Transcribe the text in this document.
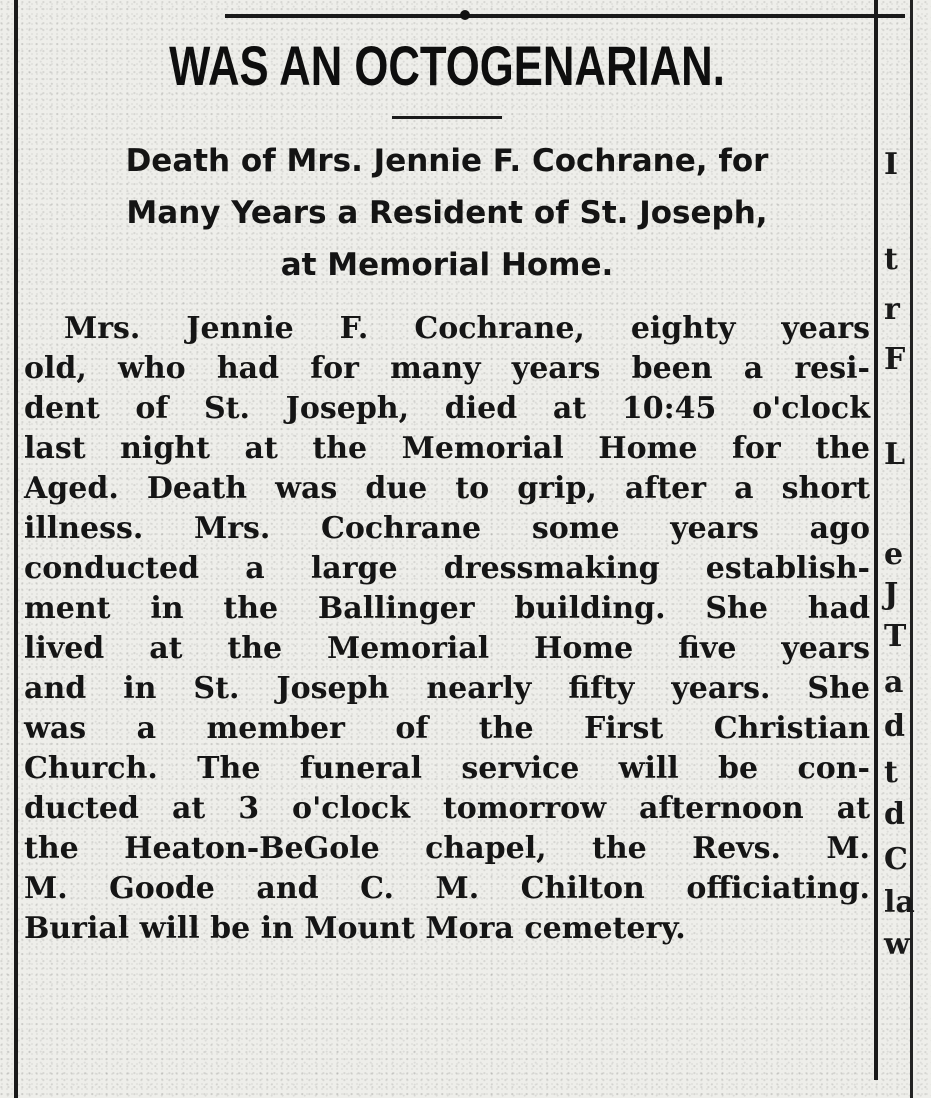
WAS AN OCTOGENARIAN.
Death of Mrs. Jennie F. Cochrane, for
Many Years a Resident of St. Joseph,
at Memorial Home.

Mrs. Jennie F. Cochrane, eighty years
old, who had for many years been a resi-
dent of St. Joseph, died at 10:45 o'clock
last night at the Memorial Home for the
Aged. Death was due to grip, after a short
illness. Mrs. Cochrane some years ago
conducted a large dressmaking establish-
ment in the Ballinger building. She had
lived at the Memorial Home five years
and in St. Joseph nearly fifty years. She
was a member of the First Christian
Church. The funeral service will be con-
ducted at 3 o'clock tomorrow afternoon at
the Heaton-BeGole chapel, the Revs. M.
M. Goode and C. M. Chilton officiating.
Burial will be in Mount Mora cemetery.

I
t
r
F
L
e
J
T
a
d
t
d
C
la
w
